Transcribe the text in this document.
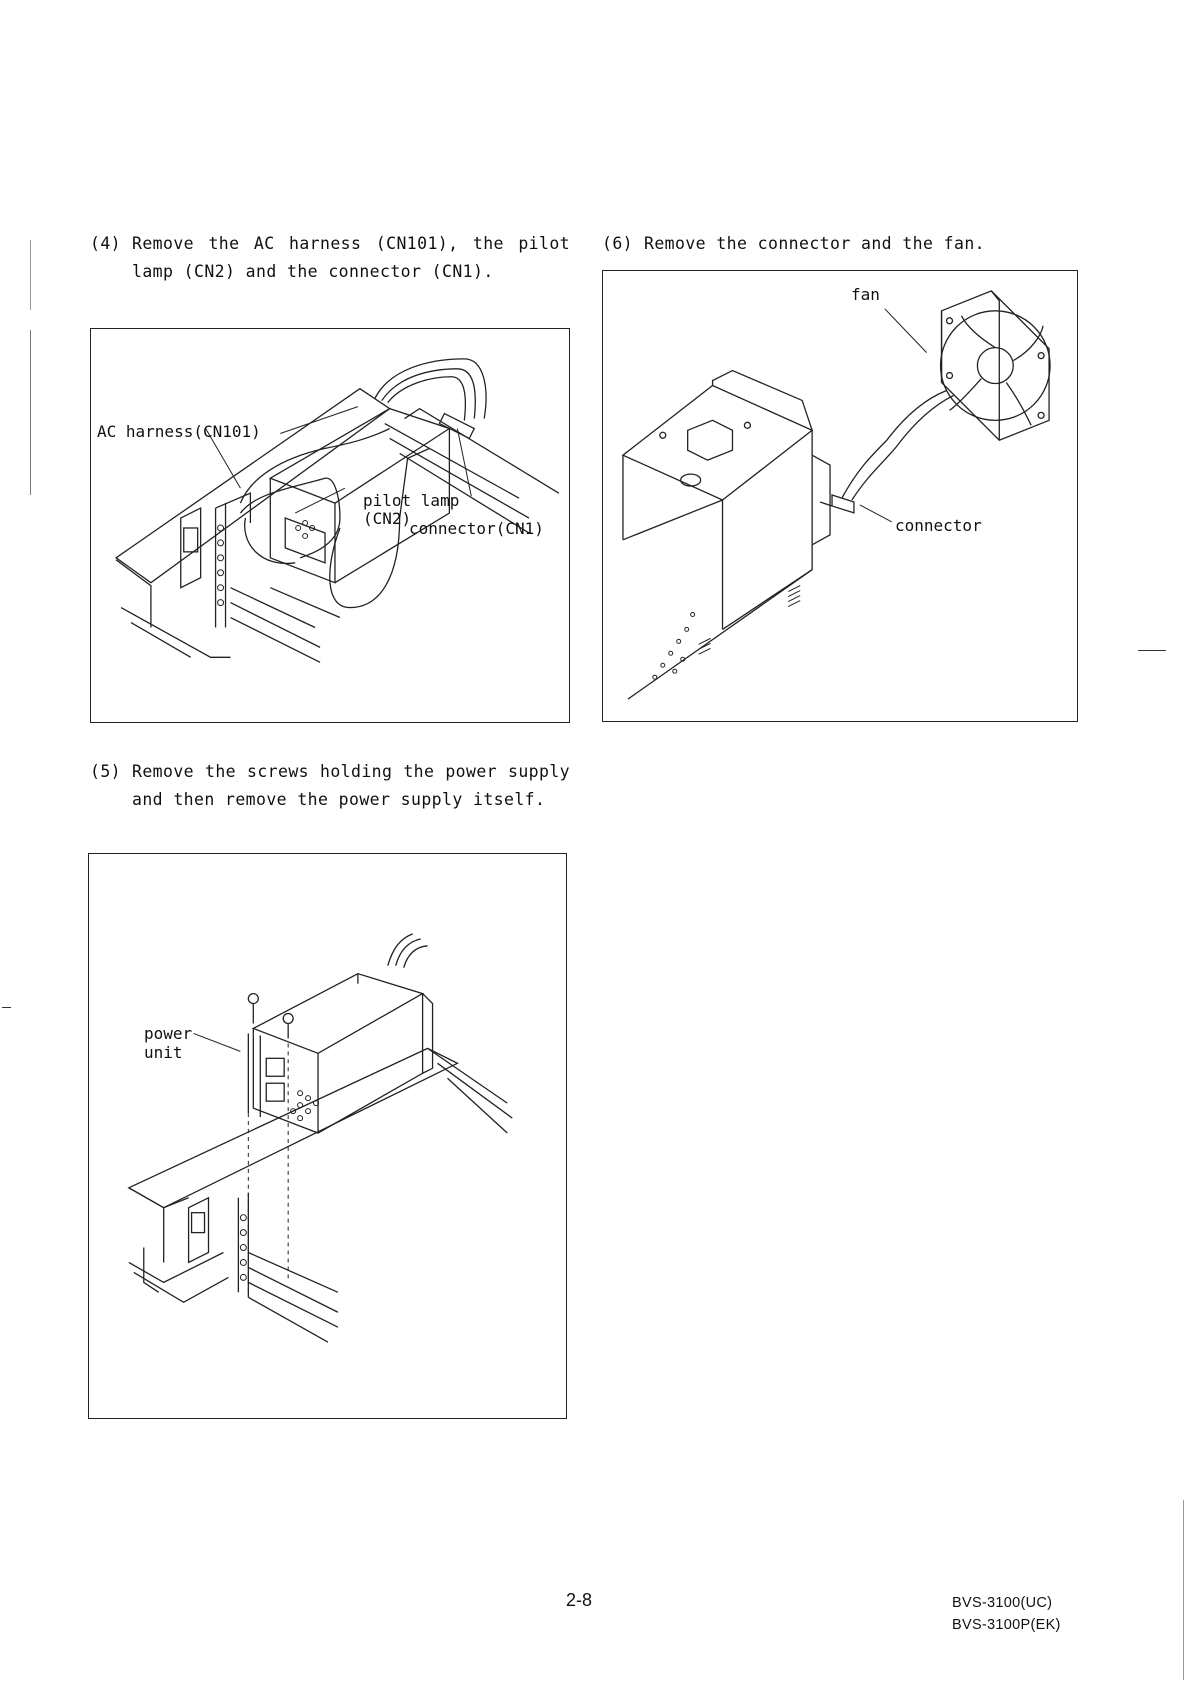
(4) Remove the AC harness (CN101), the pilot lamp (CN2) and the connector (CN1).
AC harness(CN101)
pilot lamp
(CN2)
connector(CN1)
(5) Remove the screws holding the power supply and then remove the power supply itself.
power
unit
(6) Remove the connector and the fan.
fan
connector
2-8	BVS-3100(UC)
BVS-3100P(EK)
